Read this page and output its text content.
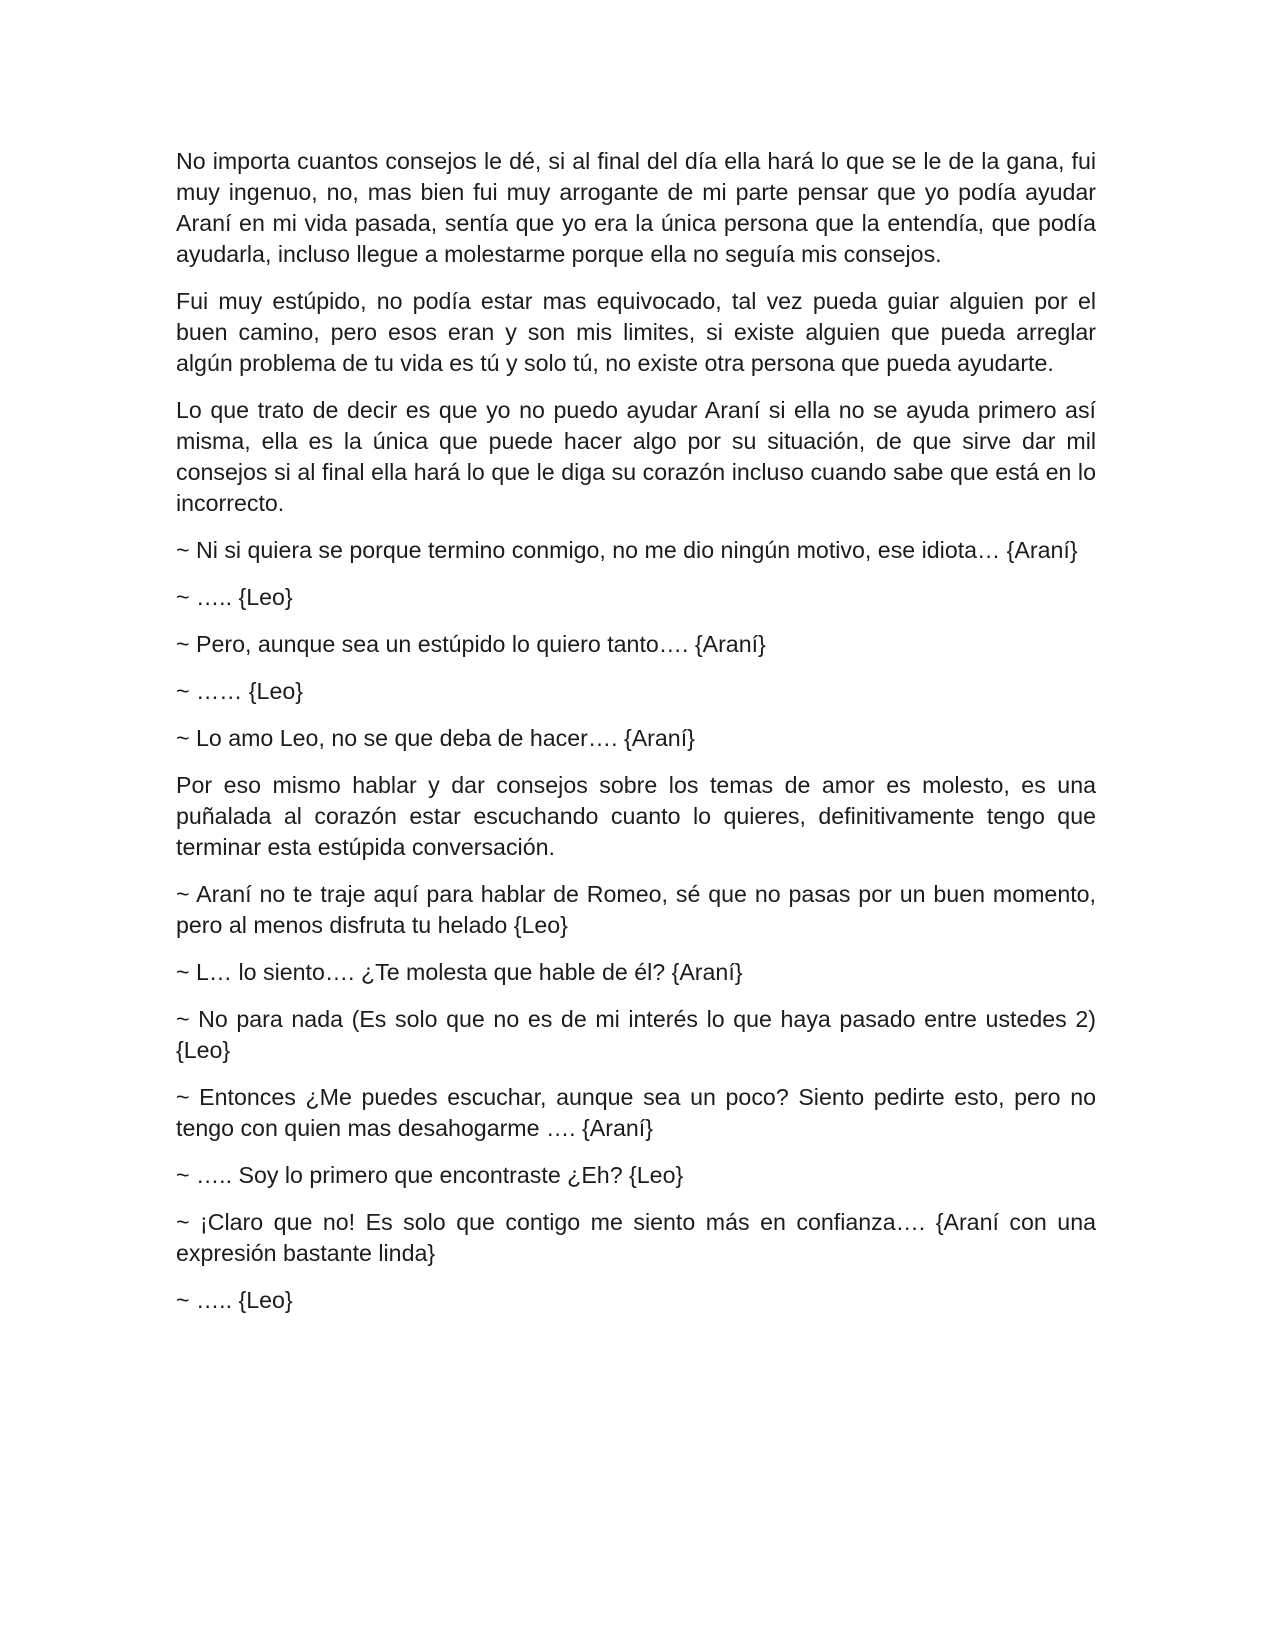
No importa cuantos consejos le dé, si al final del día ella hará lo que se le de la gana, fui muy ingenuo, no, mas bien fui muy arrogante de mi parte pensar que yo podía ayudar Araní en mi vida pasada, sentía que yo era la única persona que la entendía, que podía ayudarla, incluso llegue a molestarme porque ella no seguía mis consejos.

Fui muy estúpido, no podía estar mas equivocado, tal vez pueda guiar alguien por el buen camino, pero esos eran y son mis limites, si existe alguien que pueda arreglar algún problema de tu vida es tú y solo tú, no existe otra persona que pueda ayudarte.

Lo que trato de decir es que yo no puedo ayudar Araní si ella no se ayuda primero así misma, ella es la única que puede hacer algo por su situación, de que sirve dar mil consejos si al final ella hará lo que le diga su corazón incluso cuando sabe que está en lo incorrecto.

~ Ni si quiera se porque termino conmigo, no me dio ningún motivo, ese idiota… {Araní}

~ ….. {Leo}

~ Pero, aunque sea un estúpido lo quiero tanto…. {Araní}

~ …… {Leo}

~ Lo amo Leo, no se que deba de hacer…. {Araní}

Por eso mismo hablar y dar consejos sobre los temas de amor es molesto, es una puñalada al corazón estar escuchando cuanto lo quieres, definitivamente tengo que terminar esta estúpida conversación.

~ Araní no te traje aquí para hablar de Romeo, sé que no pasas por un buen momento, pero al menos disfruta tu helado {Leo}

~ L… lo siento…. ¿Te molesta que hable de él? {Araní}

~ No para nada (Es solo que no es de mi interés lo que haya pasado entre ustedes 2) {Leo}

~ Entonces ¿Me puedes escuchar, aunque sea un poco? Siento pedirte esto, pero no tengo con quien mas desahogarme …. {Araní}

~ ….. Soy lo primero que encontraste ¿Eh? {Leo}

~ ¡Claro que no! Es solo que contigo me siento más en confianza…. {Araní con una expresión bastante linda}

~ ….. {Leo}
